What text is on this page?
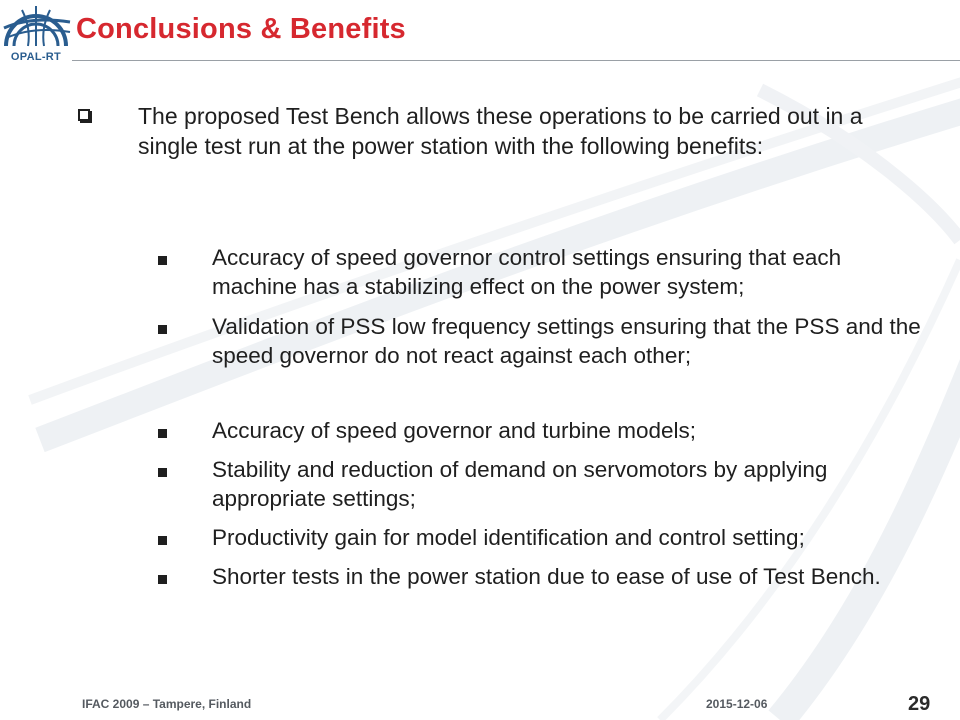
OPAL-RT
Conclusions & Benefits
The proposed Test Bench allows these operations to be carried out in a single test run at the power station with the following benefits:
Accuracy of speed governor control settings ensuring that each machine has a stabilizing effect on the power system;
Validation of PSS low frequency settings ensuring that the PSS and the speed governor do not react against each other;
Accuracy of speed governor and turbine models;
Stability and reduction of demand on servomotors by applying appropriate settings;
Productivity gain for model identification and control setting;
Shorter tests in the power station due to ease of use of Test Bench.
IFAC 2009 – Tampere, Finland	2015-12-06	29
